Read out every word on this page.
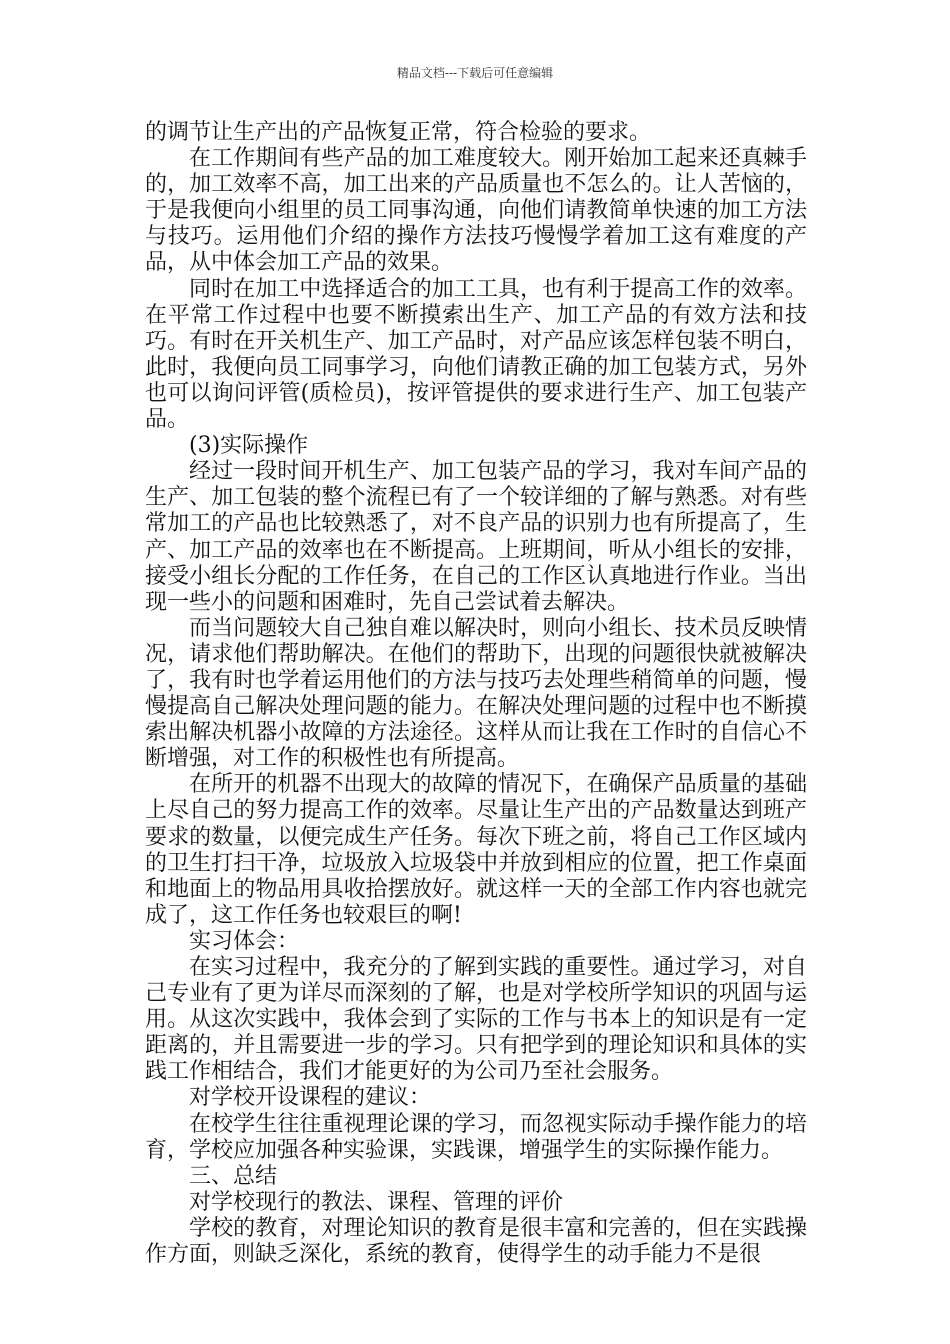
精品文档---下载后可任意编辑

的调节让生产出的产品恢复正常，符合检验的要求。

在工作期间有些产品的加工难度较大。刚开始加工起来还真棘手的，加工效率不高，加工出来的产品质量也不怎么的。让人苦恼的，于是我便向小组里的员工同事沟通，向他们请教简单快速的加工方法与技巧。运用他们介绍的操作方法技巧慢慢学着加工这有难度的产品，从中体会加工产品的效果。

同时在加工中选择适合的加工工具，也有利于提高工作的效率。在平常工作过程中也要不断摸索出生产、加工产品的有效方法和技巧。有时在开关机生产、加工产品时，对产品应该怎样包装不明白，此时，我便向员工同事学习，向他们请教正确的加工包装方式，另外也可以询问评管(质检员)，按评管提供的要求进行生产、加工包装产品。

(3)实际操作

经过一段时间开机生产、加工包装产品的学习，我对车间产品的生产、加工包装的整个流程已有了一个较详细的了解与熟悉。对有些常加工的产品也比较熟悉了，对不良产品的识别力也有所提高了，生产、加工产品的效率也在不断提高。上班期间，听从小组长的安排，接受小组长分配的工作任务，在自己的工作区认真地进行作业。当出现一些小的问题和困难时，先自己尝试着去解决。

而当问题较大自己独自难以解决时，则向小组长、技术员反映情况，请求他们帮助解决。在他们的帮助下，出现的问题很快就被解决了，我有时也学着运用他们的方法与技巧去处理些稍简单的问题，慢慢提高自己解决处理问题的能力。在解决处理问题的过程中也不断摸索出解决机器小故障的方法途径。这样从而让我在工作时的自信心不断增强，对工作的积极性也有所提高。

在所开的机器不出现大的故障的情况下，在确保产品质量的基础上尽自己的努力提高工作的效率。尽量让生产出的产品数量达到班产要求的数量，以便完成生产任务。每次下班之前，将自己工作区域内的卫生打扫干净，垃圾放入垃圾袋中并放到相应的位置，把工作桌面和地面上的物品用具收拾摆放好。就这样一天的全部工作内容也就完成了，这工作任务也较艰巨的啊!

实习体会：

在实习过程中，我充分的了解到实践的重要性。通过学习，对自己专业有了更为详尽而深刻的了解，也是对学校所学知识的巩固与运用。从这次实践中，我体会到了实际的工作与书本上的知识是有一定距离的，并且需要进一步的学习。只有把学到的理论知识和具体的实践工作相结合，我们才能更好的为公司乃至社会服务。

对学校开设课程的建议：

在校学生往往重视理论课的学习，而忽视实际动手操作能力的培育，学校应加强各种实验课，实践课，增强学生的实际操作能力。

三、总结

对学校现行的教法、课程、管理的评价

学校的教育，对理论知识的教育是很丰富和完善的，但在实践操作方面，则缺乏深化，系统的教育，使得学生的动手能力不是很
